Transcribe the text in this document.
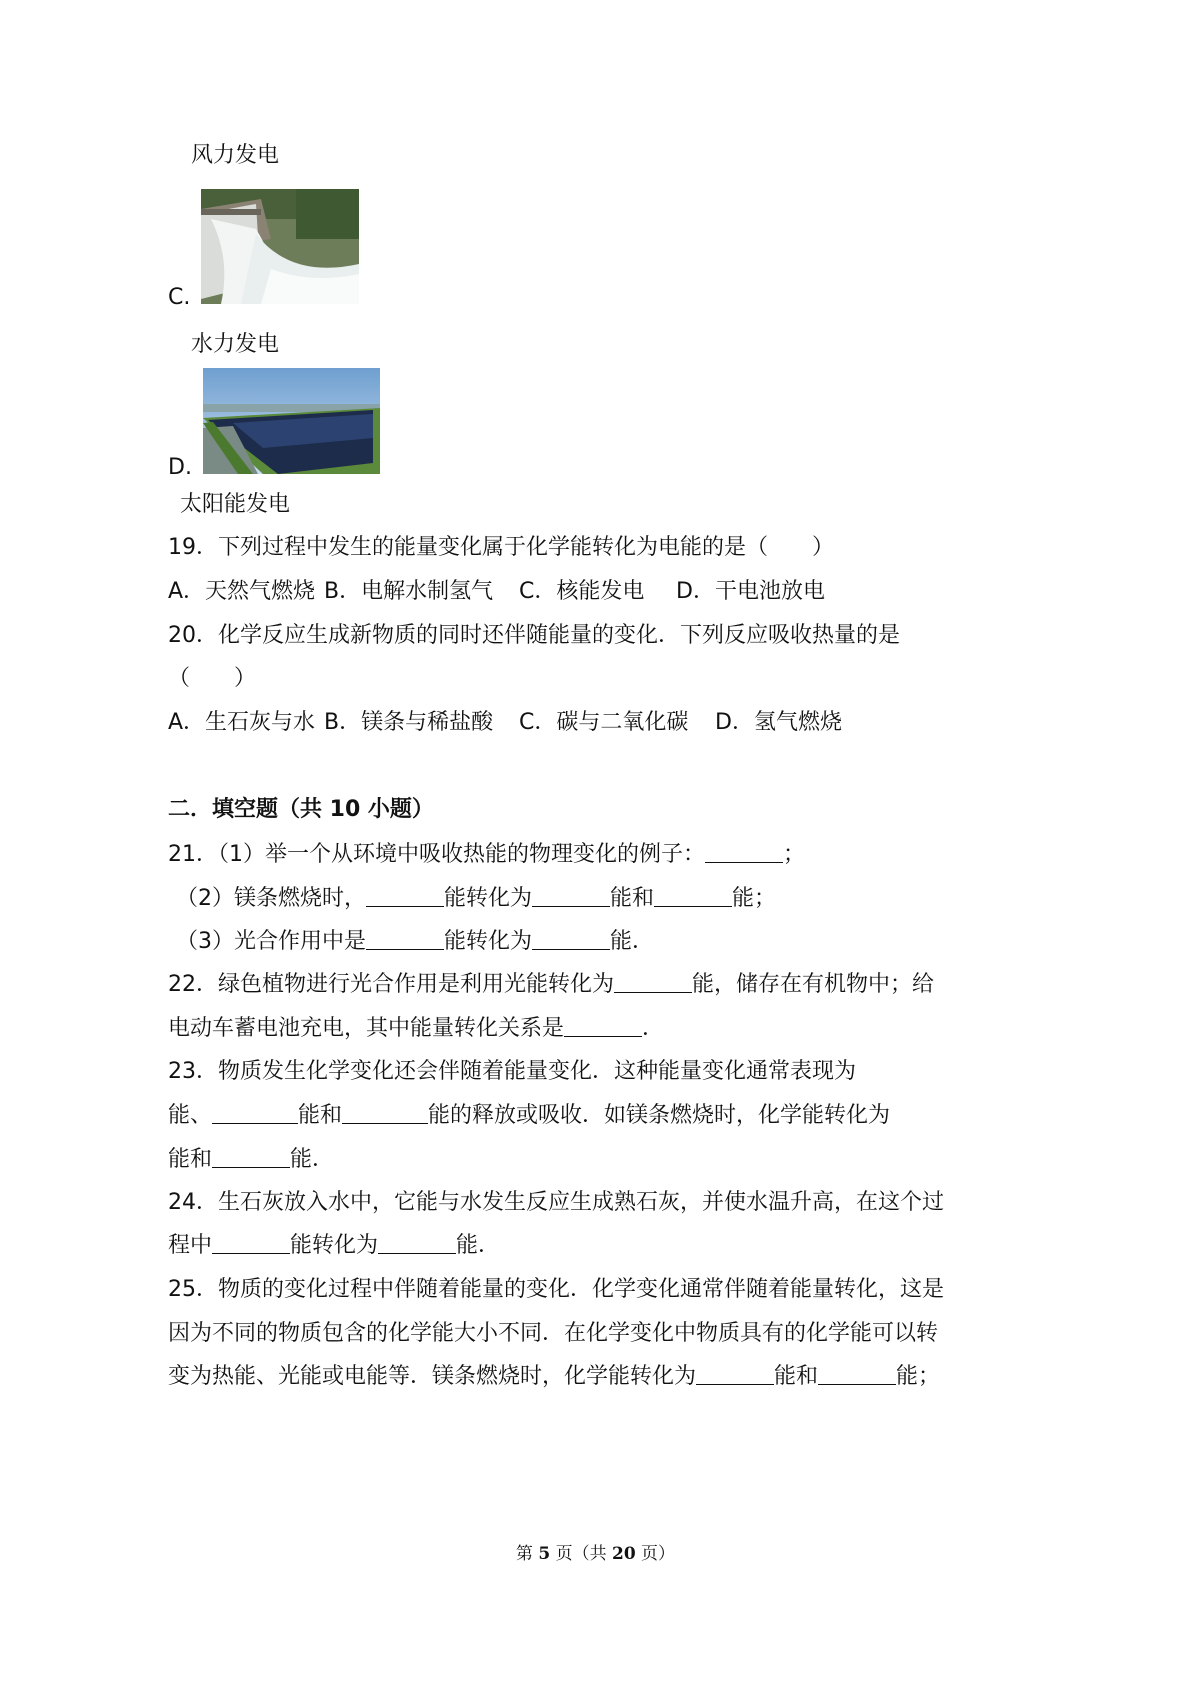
风力发电
C.
水力发电
D.
太阳能发电
19．下列过程中发生的能量变化属于化学能转化为电能的是（　　）
A．天然气燃烧 B．电解水制氢气 C．核能发电 D．干电池放电
20．化学反应生成新物质的同时还伴随能量的变化．下列反应吸收热量的是
（　　）
A．生石灰与水 B．镁条与稀盐酸 C．碳与二氧化碳 D．氢气燃烧
二．填空题（共 10 小题）
21．（1）举一个从环境中吸收热能的物理变化的例子：	；
（2）镁条燃烧时，	能转化为	能和	能；
（3）光合作用中是	能转化为	能．
22．绿色植物进行光合作用是利用光能转化为	能，储存在有机物中；给
电动车蓄电池充电，其中能量转化关系是	．
23．物质发生化学变化还会伴随着能量变化．这种能量变化通常表现为
能、	能和	能的释放或吸收．如镁条燃烧时，化学能转化为
能和	能．
24．生石灰放入水中，它能与水发生反应生成熟石灰，并使水温升高，在这个过
程中	能转化为	能．
25．物质的变化过程中伴随着能量的变化．化学变化通常伴随着能量转化，这是
因为不同的物质包含的化学能大小不同．在化学变化中物质具有的化学能可以转
变为热能、光能或电能等．镁条燃烧时，化学能转化为	能和	能；
第 5 页（共 20 页）
